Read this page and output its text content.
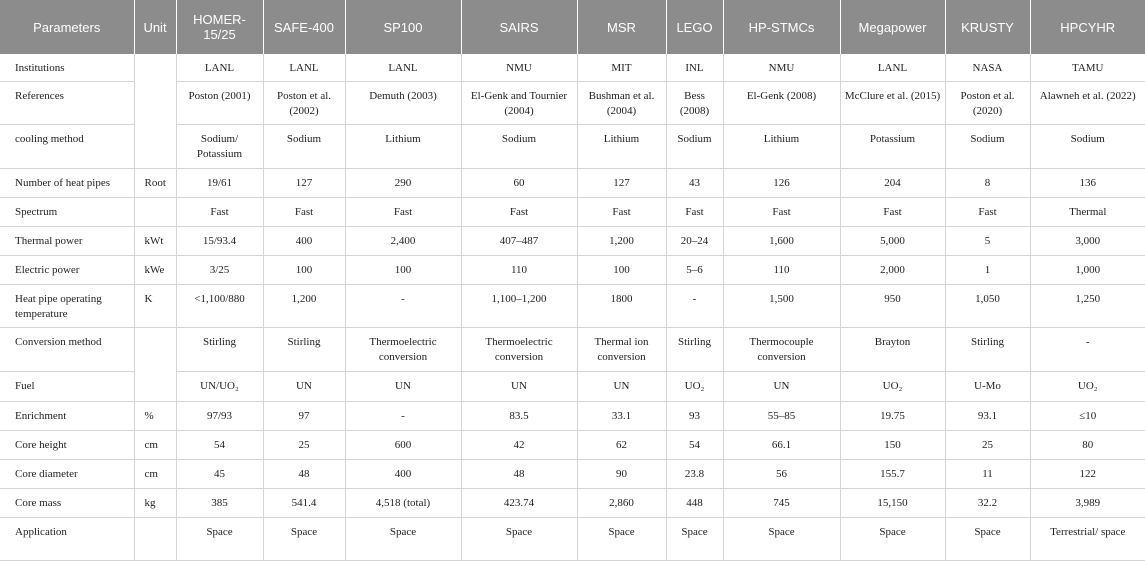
Parameters	Unit	HOMER-15/25	SAFE-400	SP100	SAIRS	MSR	LEGO	HP-STMCs	Megapower	KRUSTY	HPCYHR
Institutions		LANL	LANL	LANL	NMU	MIT	INL	NMU	LANL	NASA	TAMU
References		Poston (2001)	Poston et al. (2002)	Demuth (2003)	El-Genk and Tournier (2004)	Bushman et al. (2004)	Bess (2008)	El-Genk (2008)	McClure et al. (2015)	Poston et al. (2020)	Alawneh et al. (2022)
cooling method		Sodium/ Potassium	Sodium	Lithium	Sodium	Lithium	Sodium	Lithium	Potassium	Sodium	Sodium
Number of heat pipes	Root	19/61	127	290	60	127	43	126	204	8	136
Spectrum		Fast	Fast	Fast	Fast	Fast	Fast	Fast	Fast	Fast	Thermal
Thermal power	kWt	15/93.4	400	2,400	407–487	1,200	20–24	1,600	5,000	5	3,000
Electric power	kWe	3/25	100	100	110	100	5–6	110	2,000	1	1,000
Heat pipe operating temperature	K	<1,100/880	1,200	-	1,100–1,200	1800	-	1,500	950	1,050	1,250
Conversion method		Stirling	Stirling	Thermoelectric conversion	Thermoelectric conversion	Thermal ion conversion	Stirling	Thermocouple conversion	Brayton	Stirling	-
Fuel		UN/UO₂	UN	UN	UN	UN	UO₂	UN	UO₂	U-Mo	UO₂
Enrichment	%	97/93	97	-	83.5	33.1	93	55–85	19.75	93.1	≤10
Core height	cm	54	25	600	42	62	54	66.1	150	25	80
Core diameter	cm	45	48	400	48	90	23.8	56	155.7	11	122
Core mass	kg	385	541.4	4,518 (total)	423.74	2,860	448	745	15,150	32.2	3,989
Application		Space	Space	Space	Space	Space	Space	Space	Space	Space	Terrestrial/ space
